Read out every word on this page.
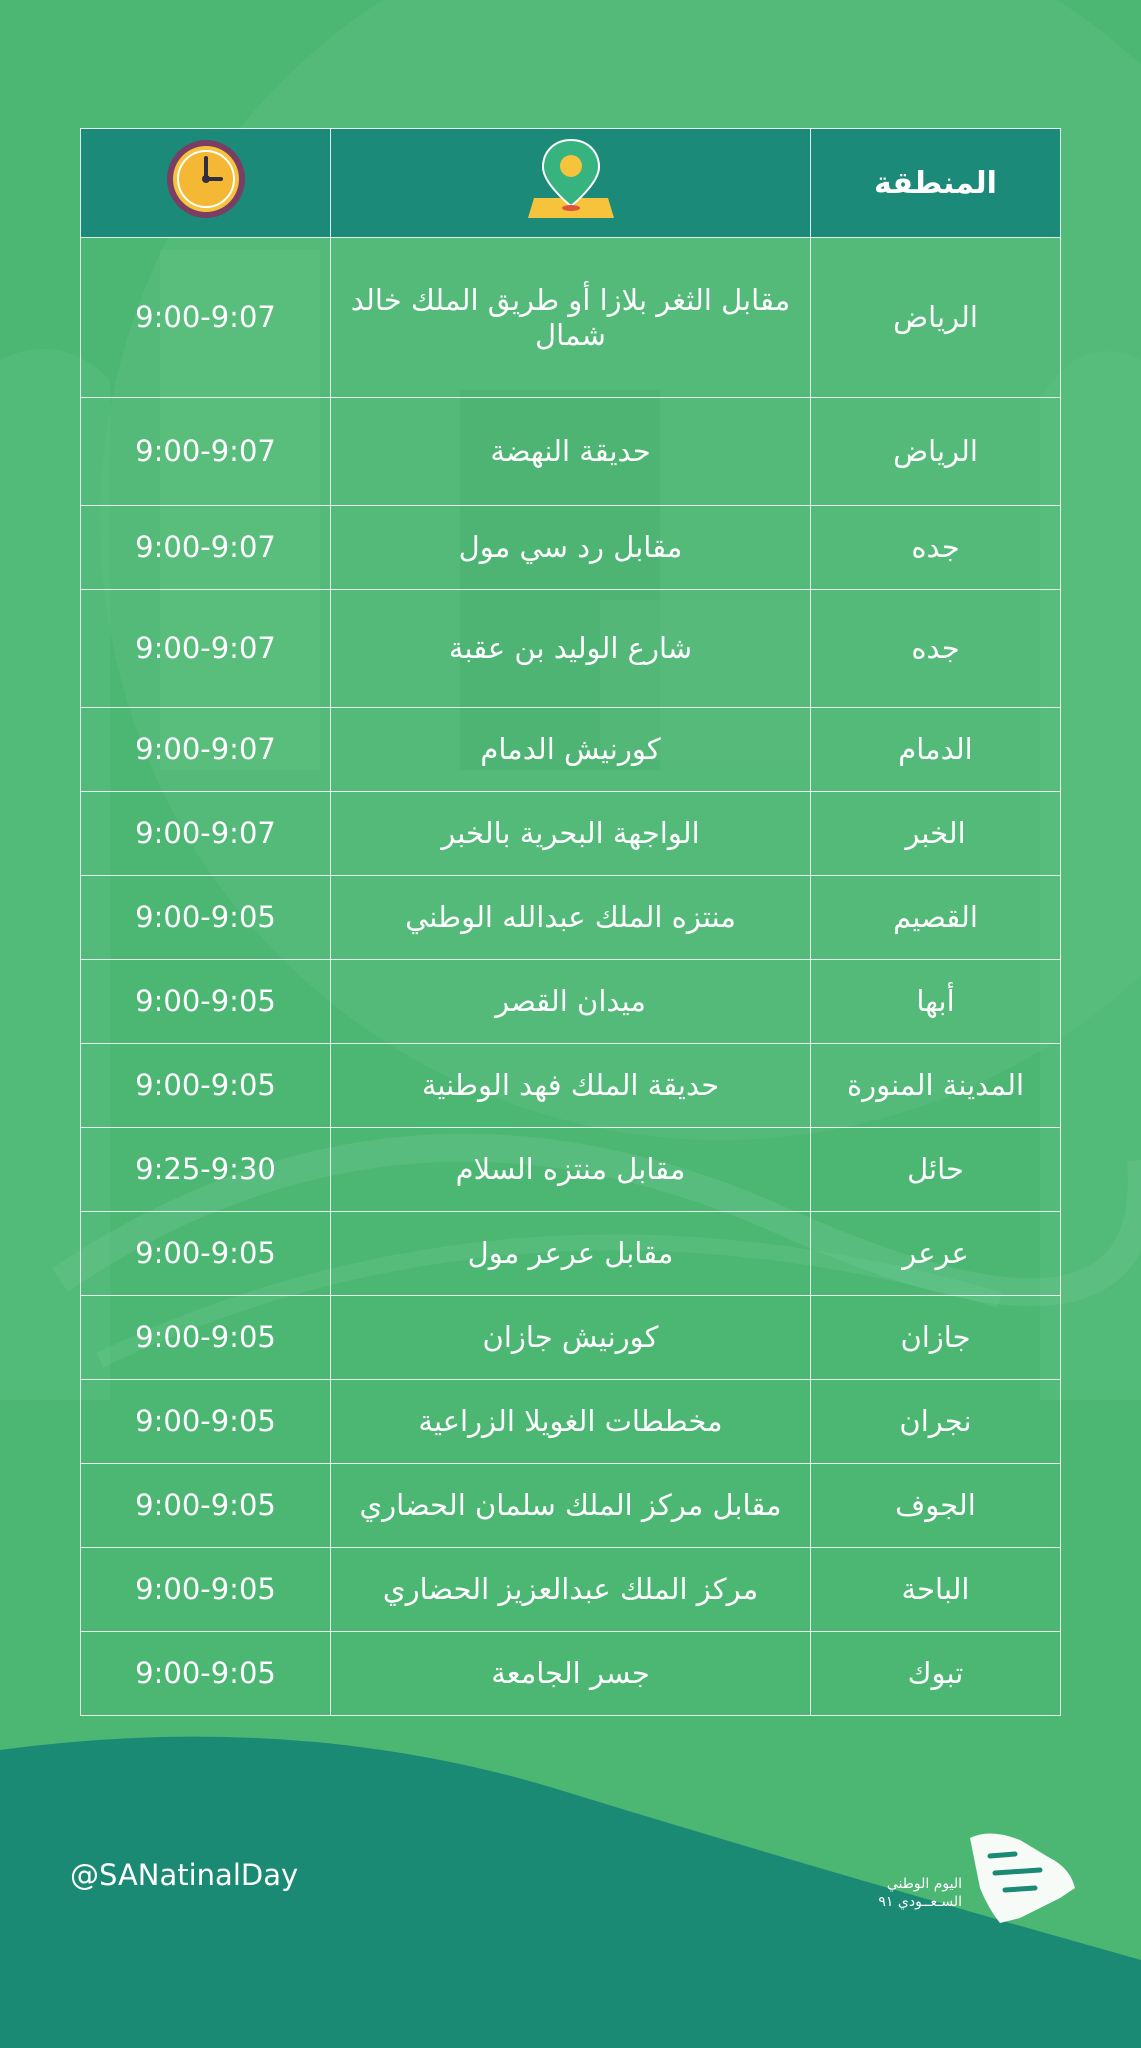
المنطقة		
الرياض	مقابل الثغر بلازا أو طريق الملك خالد شمال	9:00-9:07
الرياض	حديقة النهضة	9:00-9:07
جده	مقابل رد سي مول	9:00-9:07
جده	شارع الوليد بن عقبة	9:00-9:07
الدمام	كورنيش الدمام	9:00-9:07
الخبر	الواجهة البحرية بالخبر	9:00-9:07
القصيم	منتزه الملك عبدالله الوطني	9:00-9:05
أبها	ميدان القصر	9:00-9:05
المدينة المنورة	حديقة الملك فهد الوطنية	9:00-9:05
حائل	مقابل منتزه السلام	9:25-9:30
عرعر	مقابل عرعر مول	9:00-9:05
جازان	كورنيش جازان	9:00-9:05
نجران	مخططات الغويلا الزراعية	9:00-9:05
الجوف	مقابل مركز الملك سلمان الحضاري	9:00-9:05
الباحة	مركز الملك عبدالعزيز الحضاري	9:00-9:05
تبوك	جسر الجامعة	9:00-9:05
@SANatinalDay	اليوم الوطني
السـعــودي ٩١
